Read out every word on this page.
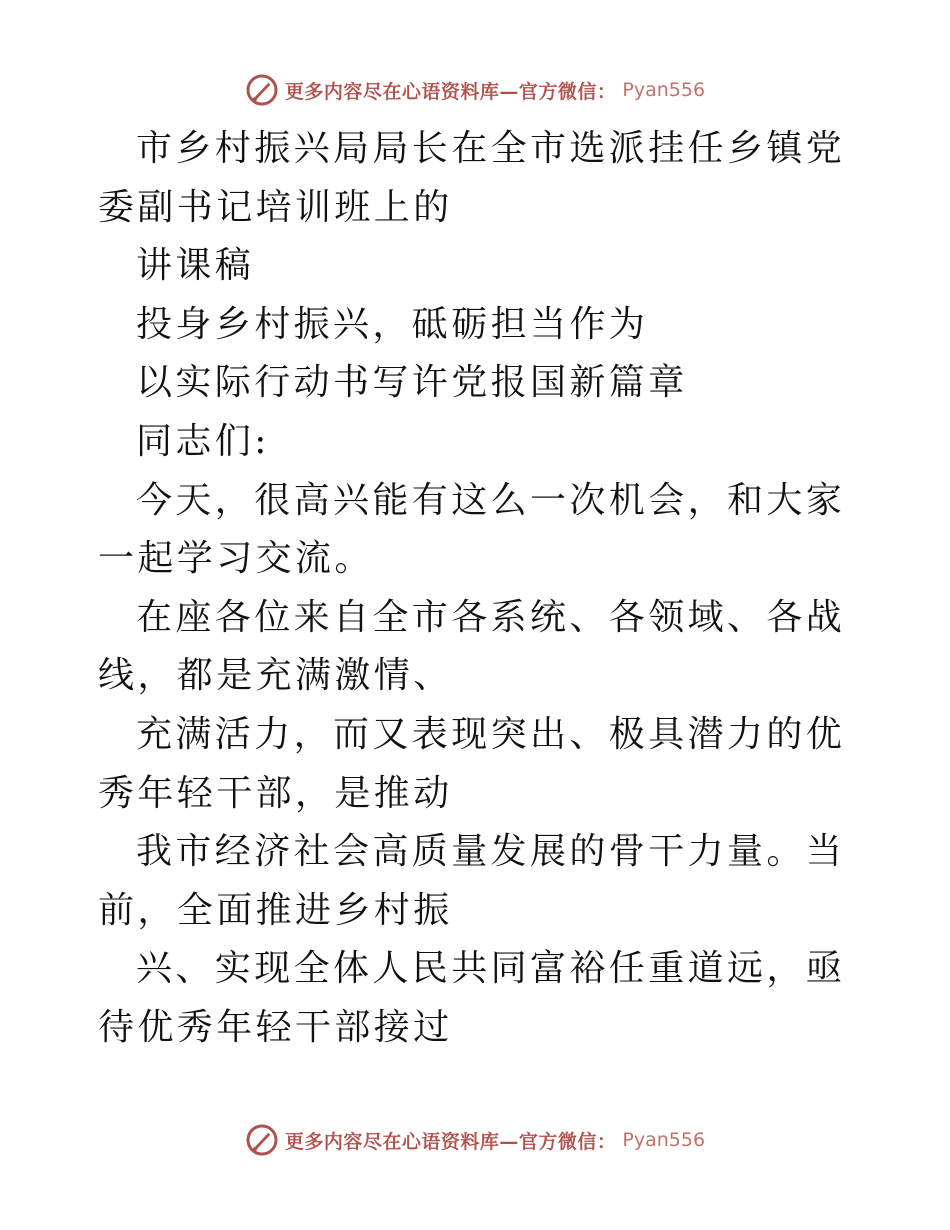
更多内容尽在心语资料库—官方微信： Pyan556

市乡村振兴局局长在全市选派挂任乡镇党委副书记培训班上的

讲课稿

投身乡村振兴，砥砺担当作为

以实际行动书写许党报国新篇章

同志们:

今天，很高兴能有这么一次机会，和大家一起学习交流。

在座各位来自全市各系统、各领域、各战线，都是充满激情、

充满活力，而又表现突出、极具潜力的优秀年轻干部，是推动

我市经济社会高质量发展的骨干力量。当前，全面推进乡村振

兴、实现全体人民共同富裕任重道远，亟待优秀年轻干部接过

更多内容尽在心语资料库—官方微信： Pyan556
